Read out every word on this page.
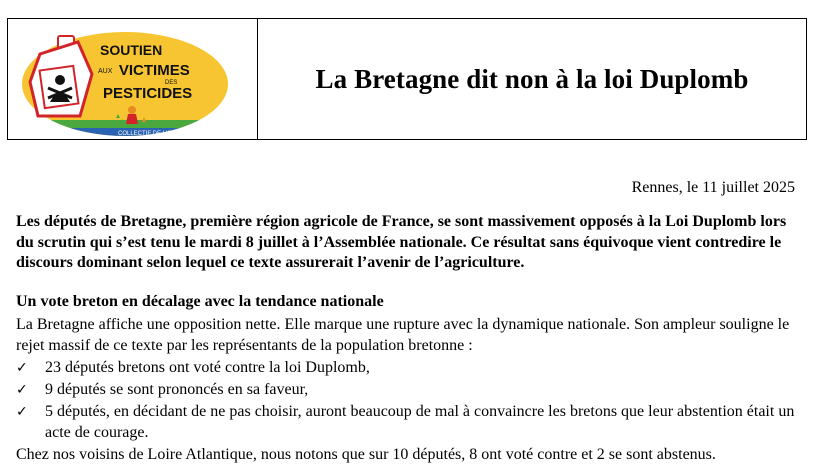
SOUTIEN
AUX VICTIMES
DES
PESTICIDES
COLLECTIF DE L'OUEST
La Bretagne dit non à la loi Duplomb

Rennes, le 11 juillet 2025

Les députés de Bretagne, première région agricole de France, se sont massivement opposés à la Loi Duplomb lors du scrutin qui s’est tenu le mardi 8 juillet à l’Assemblée nationale. Ce résultat sans équivoque vient contredire le discours dominant selon lequel ce texte assurerait l’avenir de l’agriculture.

Un vote breton en décalage avec la tendance nationale

La Bretagne affiche une opposition nette. Elle marque une rupture avec la dynamique nationale. Son ampleur souligne le rejet massif de ce texte par les représentants de la population bretonne :

✓ 23 députés bretons ont voté contre la loi Duplomb,
✓ 9 députés se sont prononcés en sa faveur,
✓ 5 députés, en décidant de ne pas choisir, auront beaucoup de mal à convaincre les bretons que leur abstention était un acte de courage.

Chez nos voisins de Loire Atlantique, nous notons que sur 10 députés, 8 ont voté contre et 2 se sont abstenus.
